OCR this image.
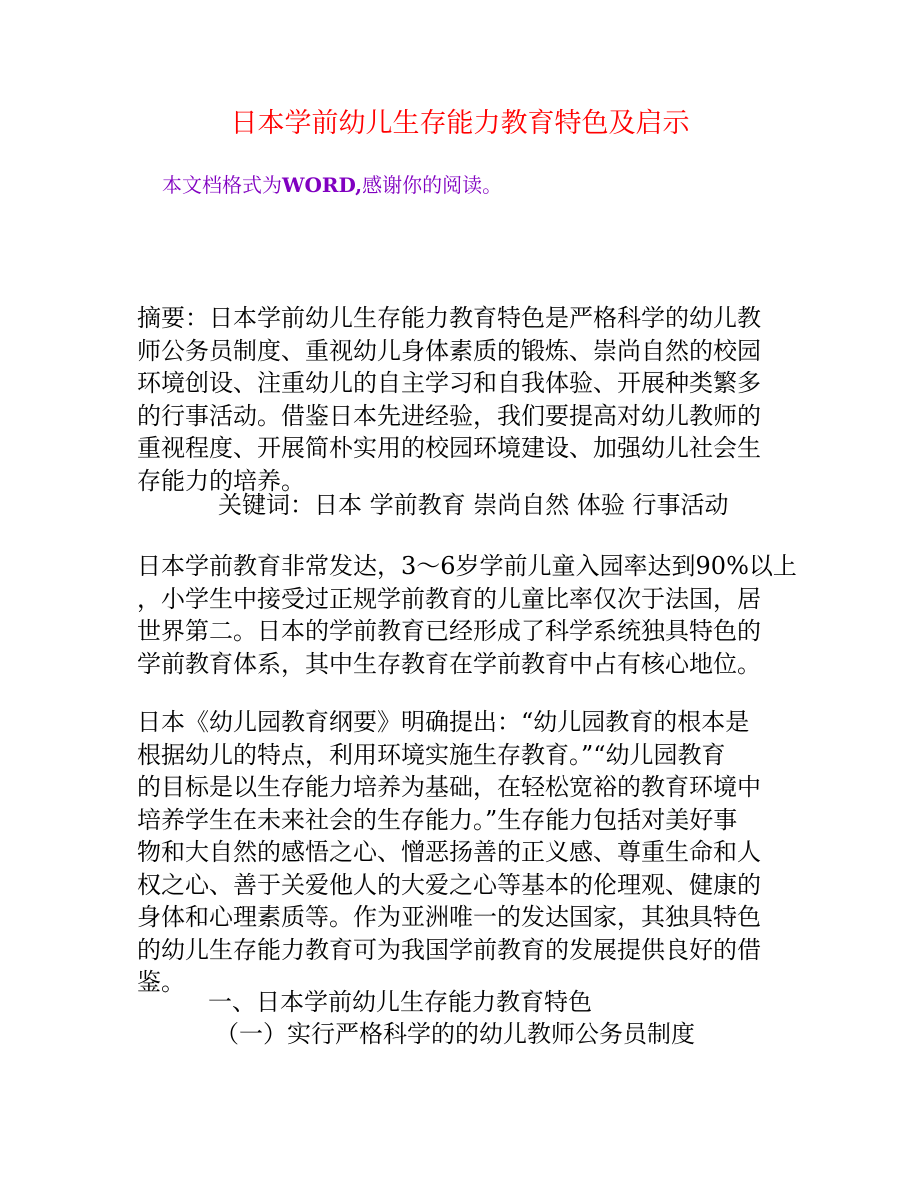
日本学前幼儿生存能力教育特色及启示
本文档格式为WORD,感谢你的阅读。
摘要：日本学前幼儿生存能力教育特色是严格科学的幼儿教
师公务员制度、重视幼儿身体素质的锻炼、崇尚自然的校园
环境创设、注重幼儿的自主学习和自我体验、开展种类繁多
的行事活动。借鉴日本先进经验，我们要提高对幼儿教师的
重视程度、开展简朴实用的校园环境建设、加强幼儿社会生
存能力的培养。
关键词：日本 学前教育 崇尚自然 体验 行事活动
日本学前教育非常发达，3～6岁学前儿童入园率达到90%以上
，小学生中接受过正规学前教育的儿童比率仅次于法国，居
世界第二。日本的学前教育已经形成了科学系统独具特色的
学前教育体系，其中生存教育在学前教育中占有核心地位。
日本《幼儿园教育纲要》明确提出：“幼儿园教育的根本是
根据幼儿的特点，利用环境实施生存教育。”“幼儿园教育
的目标是以生存能力培养为基础，在轻松宽裕的教育环境中
培养学生在未来社会的生存能力。”生存能力包括对美好事
物和大自然的感悟之心、憎恶扬善的正义感、尊重生命和人
权之心、善于关爱他人的大爱之心等基本的伦理观、健康的
身体和心理素质等。作为亚洲唯一的发达国家，其独具特色
的幼儿生存能力教育可为我国学前教育的发展提供良好的借
鉴。
一、日本学前幼儿生存能力教育特色
（一）实行严格科学的的幼儿教师公务员制度
